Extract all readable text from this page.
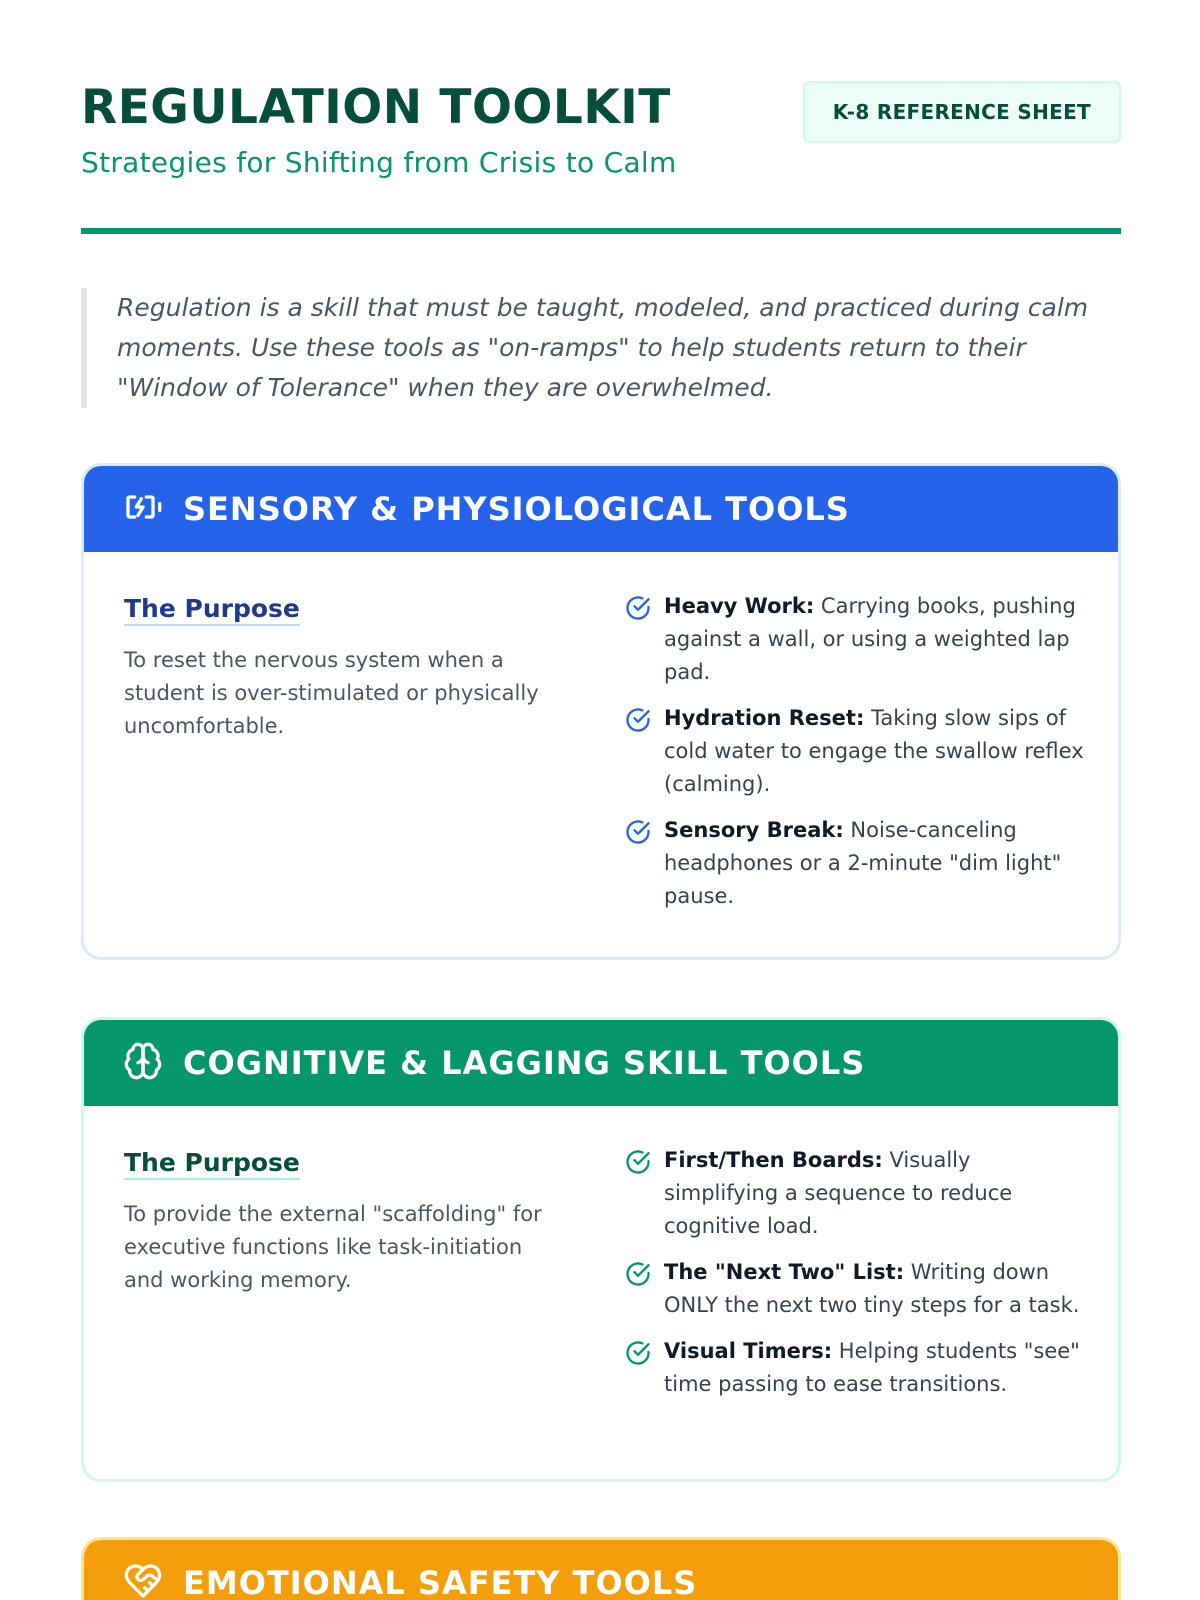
REGULATION TOOLKIT
Strategies for Shifting from Crisis to Calm
K-8 REFERENCE SHEET
Regulation is a skill that must be taught, modeled, and practiced during calm moments. Use these tools as "on-ramps" to help students return to their "Window of Tolerance" when they are overwhelmed.
SENSORY & PHYSIOLOGICAL TOOLS
The Purpose
To reset the nervous system when a student is over-stimulated or physically uncomfortable.
Heavy Work: Carrying books, pushing against a wall, or using a weighted lap pad.
Hydration Reset: Taking slow sips of cold water to engage the swallow reflex (calming).
Sensory Break: Noise-canceling headphones or a 2-minute "dim light" pause.
COGNITIVE & LAGGING SKILL TOOLS
The Purpose
To provide the external "scaffolding" for executive functions like task-initiation and working memory.
First/Then Boards: Visually simplifying a sequence to reduce cognitive load.
The "Next Two" List: Writing down ONLY the next two tiny steps for a task.
Visual Timers: Helping students "see" time passing to ease transitions.
EMOTIONAL SAFETY TOOLS
